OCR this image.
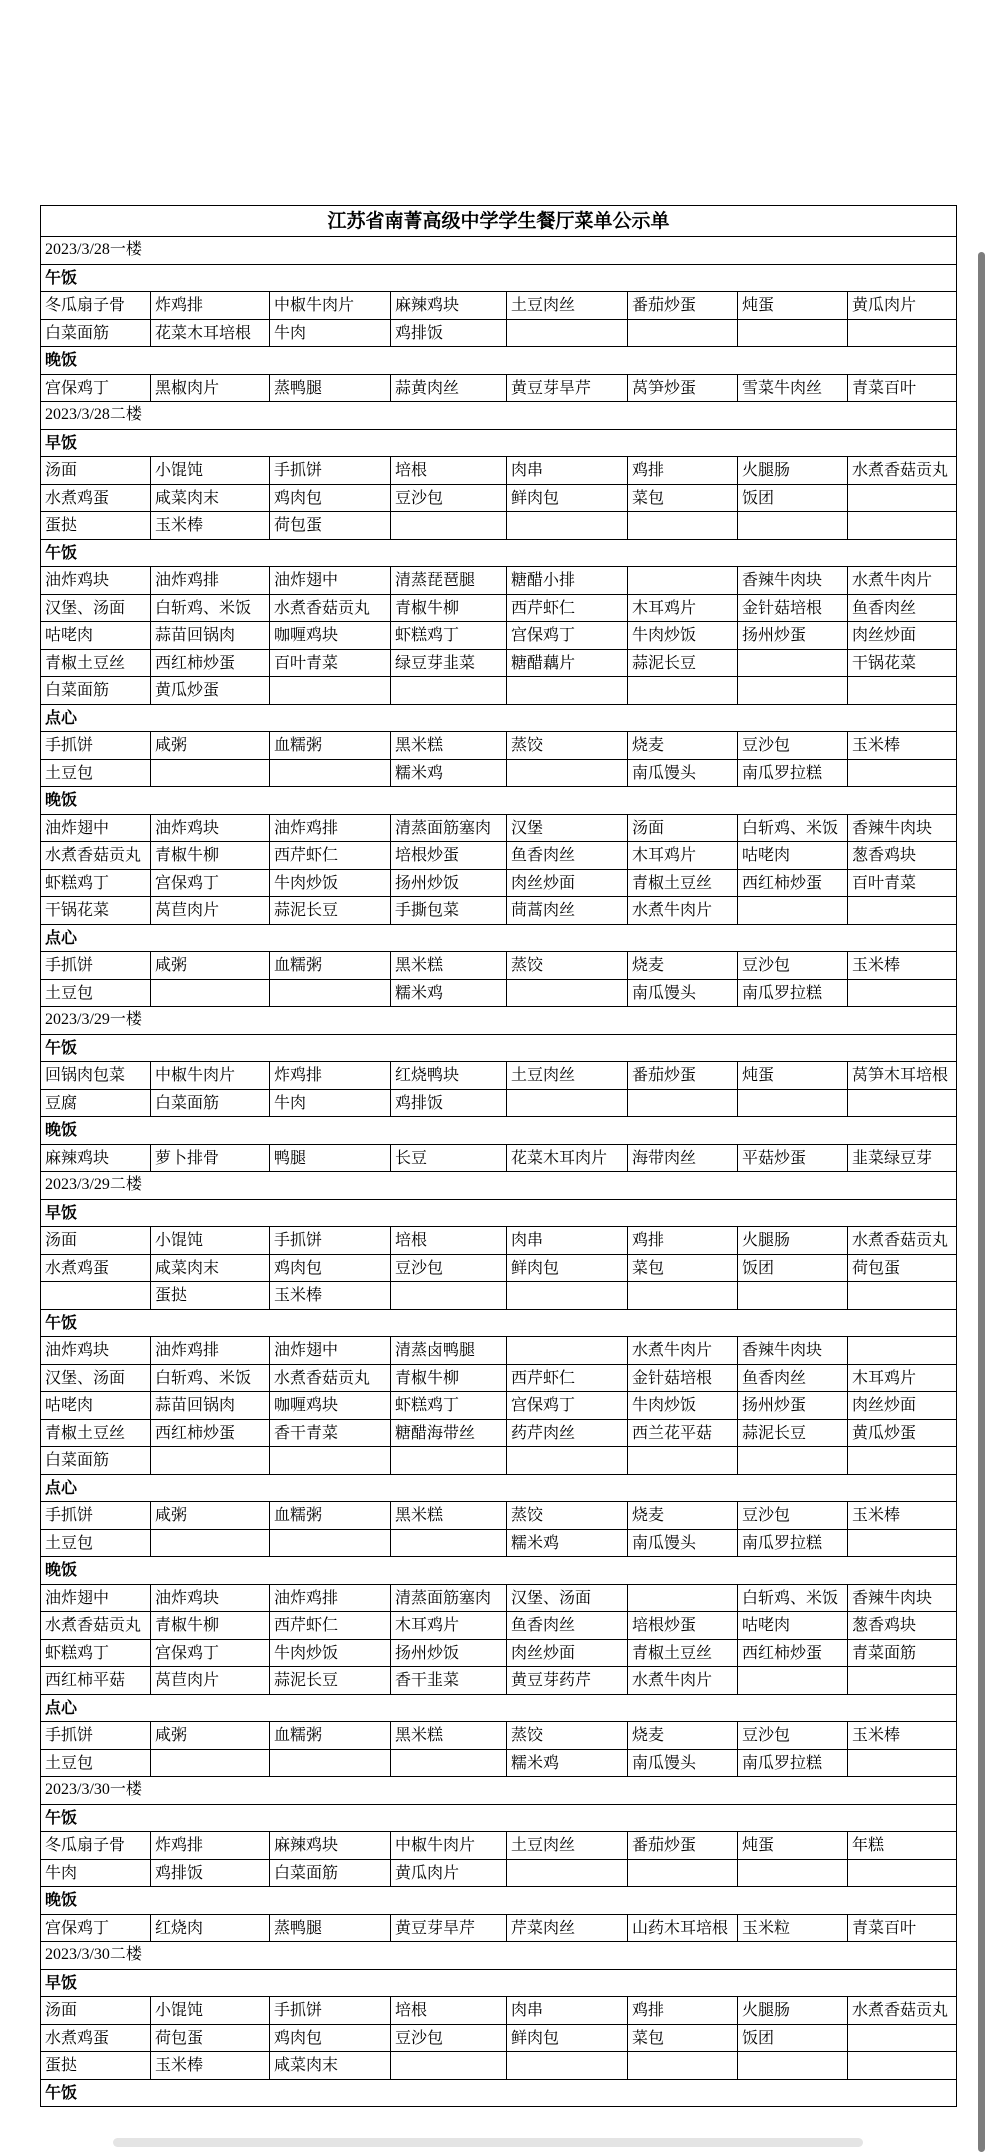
江苏省南菁高级中学学生餐厅菜单公示单							
2023/3/28一楼							
午饭							
冬瓜扇子骨	炸鸡排	中椒牛肉片	麻辣鸡块	土豆肉丝	番茄炒蛋	炖蛋	黄瓜肉片
白菜面筋	花菜木耳培根	牛肉	鸡排饭				
晚饭							
宫保鸡丁	黑椒肉片	蒸鸭腿	蒜黄肉丝	黄豆芽旱芹	莴笋炒蛋	雪菜牛肉丝	青菜百叶
2023/3/28二楼							
早饭							
汤面	小馄饨	手抓饼	培根	肉串	鸡排	火腿肠	水煮香菇贡丸
水煮鸡蛋	咸菜肉末	鸡肉包	豆沙包	鲜肉包	菜包	饭团	
蛋挞	玉米棒	荷包蛋					
午饭							
油炸鸡块	油炸鸡排	油炸翅中	清蒸琵琶腿	糖醋小排		香辣牛肉块	水煮牛肉片
汉堡、汤面	白斩鸡、米饭	水煮香菇贡丸	青椒牛柳	西芹虾仁	木耳鸡片	金针菇培根	鱼香肉丝
咕咾肉	蒜苗回锅肉	咖喱鸡块	虾糕鸡丁	宫保鸡丁	牛肉炒饭	扬州炒蛋	肉丝炒面
青椒土豆丝	西红柿炒蛋	百叶青菜	绿豆芽韭菜	糖醋藕片	蒜泥长豆		干锅花菜
白菜面筋	黄瓜炒蛋						
点心							
手抓饼	咸粥	血糯粥	黑米糕	蒸饺	烧麦	豆沙包	玉米棒
土豆包			糯米鸡		南瓜馒头	南瓜罗拉糕	
晚饭							
油炸翅中	油炸鸡块	油炸鸡排	清蒸面筋塞肉	汉堡	汤面	白斩鸡、米饭	香辣牛肉块
水煮香菇贡丸	青椒牛柳	西芹虾仁	培根炒蛋	鱼香肉丝	木耳鸡片	咕咾肉	葱香鸡块
虾糕鸡丁	宫保鸡丁	牛肉炒饭	扬州炒饭	肉丝炒面	青椒土豆丝	西红柿炒蛋	百叶青菜
干锅花菜	莴苣肉片	蒜泥长豆	手撕包菜	茼蒿肉丝	水煮牛肉片		
点心							
手抓饼	咸粥	血糯粥	黑米糕	蒸饺	烧麦	豆沙包	玉米棒
土豆包			糯米鸡		南瓜馒头	南瓜罗拉糕	
2023/3/29一楼							
午饭							
回锅肉包菜	中椒牛肉片	炸鸡排	红烧鸭块	土豆肉丝	番茄炒蛋	炖蛋	莴笋木耳培根
豆腐	白菜面筋	牛肉	鸡排饭				
晚饭							
麻辣鸡块	萝卜排骨	鸭腿	长豆	花菜木耳肉片	海带肉丝	平菇炒蛋	韭菜绿豆芽
2023/3/29二楼							
早饭							
汤面	小馄饨	手抓饼	培根	肉串	鸡排	火腿肠	水煮香菇贡丸
水煮鸡蛋	咸菜肉末	鸡肉包	豆沙包	鲜肉包	菜包	饭团	荷包蛋
	蛋挞	玉米棒					
午饭							
油炸鸡块	油炸鸡排	油炸翅中	清蒸卤鸭腿		水煮牛肉片	香辣牛肉块	
汉堡、汤面	白斩鸡、米饭	水煮香菇贡丸	青椒牛柳	西芹虾仁	金针菇培根	鱼香肉丝	木耳鸡片
咕咾肉	蒜苗回锅肉	咖喱鸡块	虾糕鸡丁	宫保鸡丁	牛肉炒饭	扬州炒蛋	肉丝炒面
青椒土豆丝	西红柿炒蛋	香干青菜	糖醋海带丝	药芹肉丝	西兰花平菇	蒜泥长豆	黄瓜炒蛋
白菜面筋							
点心							
手抓饼	咸粥	血糯粥	黑米糕	蒸饺	烧麦	豆沙包	玉米棒
土豆包				糯米鸡	南瓜馒头	南瓜罗拉糕	
晚饭							
油炸翅中	油炸鸡块	油炸鸡排	清蒸面筋塞肉	汉堡、汤面		白斩鸡、米饭	香辣牛肉块
水煮香菇贡丸	青椒牛柳	西芹虾仁	木耳鸡片	鱼香肉丝	培根炒蛋	咕咾肉	葱香鸡块
虾糕鸡丁	宫保鸡丁	牛肉炒饭	扬州炒饭	肉丝炒面	青椒土豆丝	西红柿炒蛋	青菜面筋
西红柿平菇	莴苣肉片	蒜泥长豆	香干韭菜	黄豆芽药芹	水煮牛肉片		
点心							
手抓饼	咸粥	血糯粥	黑米糕	蒸饺	烧麦	豆沙包	玉米棒
土豆包				糯米鸡	南瓜馒头	南瓜罗拉糕	
2023/3/30一楼							
午饭							
冬瓜扇子骨	炸鸡排	麻辣鸡块	中椒牛肉片	土豆肉丝	番茄炒蛋	炖蛋	年糕
牛肉	鸡排饭	白菜面筋	黄瓜肉片				
晚饭							
宫保鸡丁	红烧肉	蒸鸭腿	黄豆芽旱芹	芹菜肉丝	山药木耳培根	玉米粒	青菜百叶
2023/3/30二楼							
早饭							
汤面	小馄饨	手抓饼	培根	肉串	鸡排	火腿肠	水煮香菇贡丸
水煮鸡蛋	荷包蛋	鸡肉包	豆沙包	鲜肉包	菜包	饭团	
蛋挞	玉米棒	咸菜肉末					
午饭							
